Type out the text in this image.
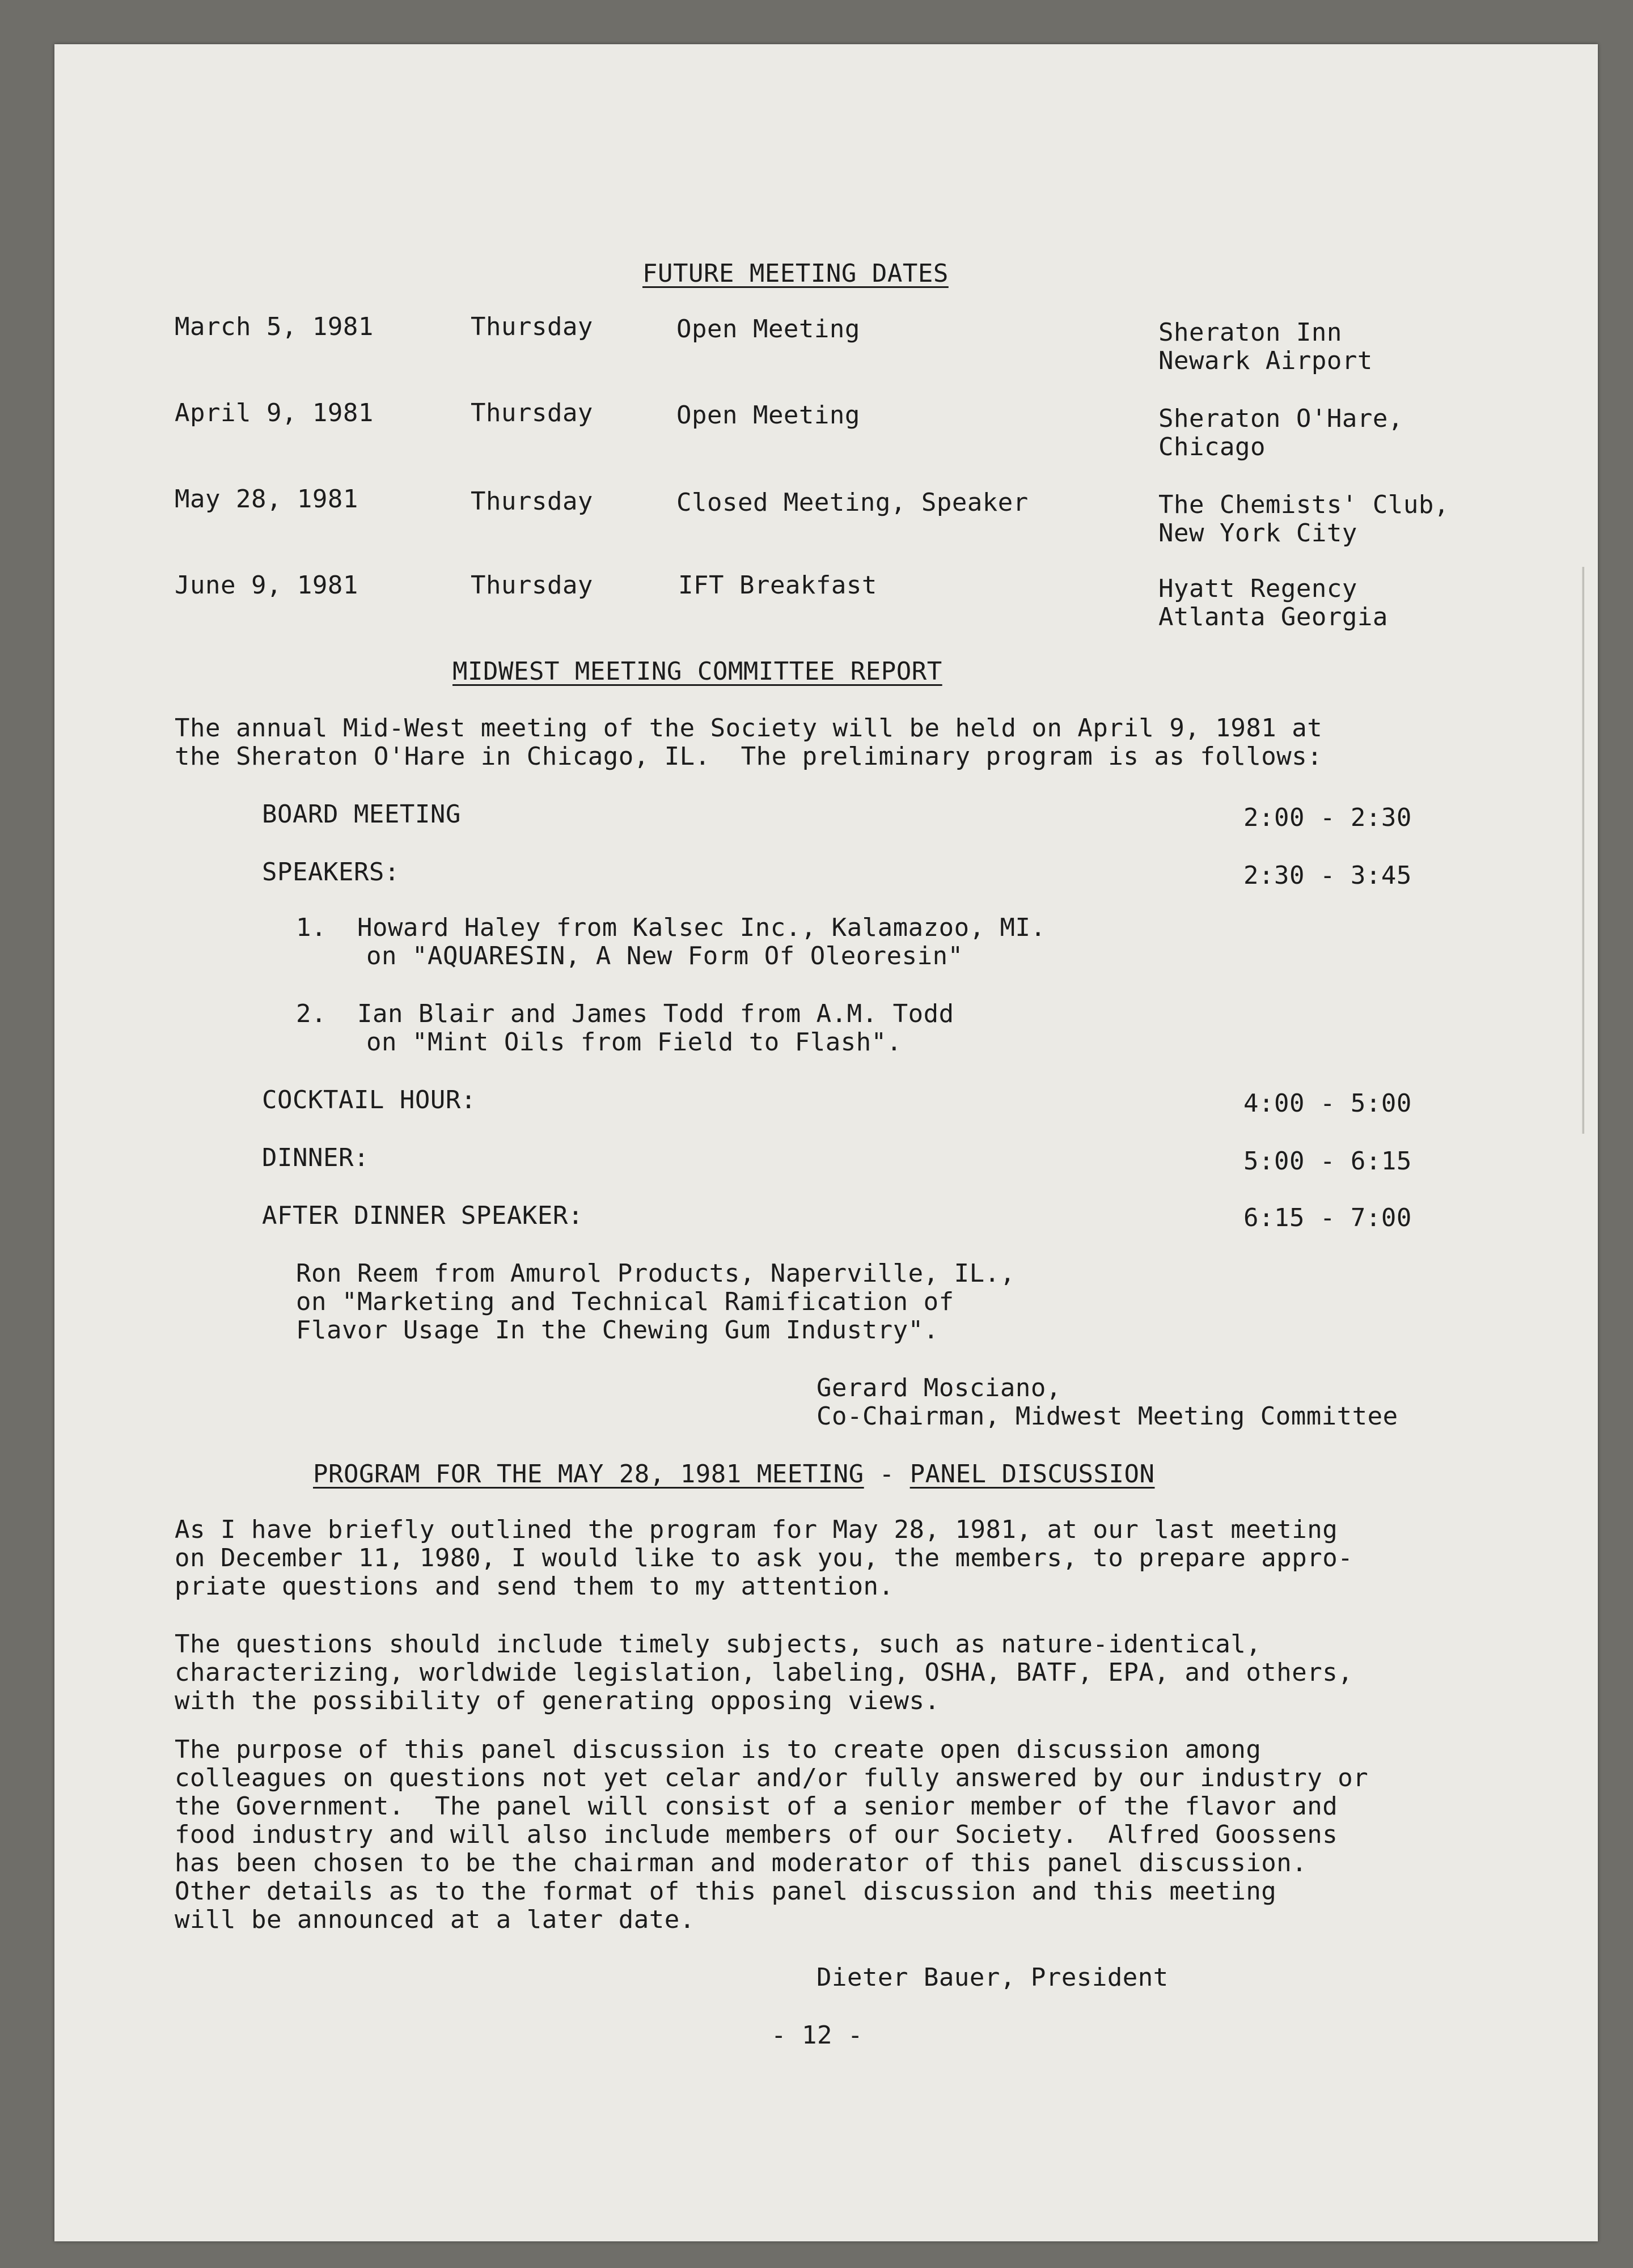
FUTURE MEETING DATES
March 5, 1981	Thursday	Open Meeting	Sheraton Inn
Newark Airport
April 9, 1981	Thursday	Open Meeting	Sheraton O'Hare,
Chicago
May 28, 1981	Thursday	Closed Meeting, Speaker	The Chemists' Club,
New York City
June 9, 1981	Thursday	IFT Breakfast	Hyatt Regency
Atlanta Georgia
MIDWEST MEETING COMMITTEE REPORT
The annual Mid-West meeting of the Society will be held on April 9, 1981 at
the Sheraton O'Hare in Chicago, IL.  The preliminary program is as follows:
BOARD MEETING	2:00 - 2:30
SPEAKERS:	2:30 - 3:45
1.  Howard Haley from Kalsec Inc., Kalamazoo, MI.
on "AQUARESIN, A New Form Of Oleoresin"
2.  Ian Blair and James Todd from A.M. Todd
on "Mint Oils from Field to Flash".
COCKTAIL HOUR:	4:00 - 5:00
DINNER:	5:00 - 6:15
AFTER DINNER SPEAKER:	6:15 - 7:00
Ron Reem from Amurol Products, Naperville, IL.,
on "Marketing and Technical Ramification of
Flavor Usage In the Chewing Gum Industry".
Gerard Mosciano,
Co-Chairman, Midwest Meeting Committee
PROGRAM FOR THE MAY 28, 1981 MEETING - PANEL DISCUSSION
As I have briefly outlined the program for May 28, 1981, at our last meeting
on December 11, 1980, I would like to ask you, the members, to prepare appro-
priate questions and send them to my attention.
The questions should include timely subjects, such as nature-identical,
characterizing, worldwide legislation, labeling, OSHA, BATF, EPA, and others,
with the possibility of generating opposing views.
The purpose of this panel discussion is to create open discussion among
colleagues on questions not yet celar and/or fully answered by our industry or
the Government.  The panel will consist of a senior member of the flavor and
food industry and will also include members of our Society.  Alfred Goossens
has been chosen to be the chairman and moderator of this panel discussion.
Other details as to the format of this panel discussion and this meeting
will be announced at a later date.
Dieter Bauer, President
- 12 -
